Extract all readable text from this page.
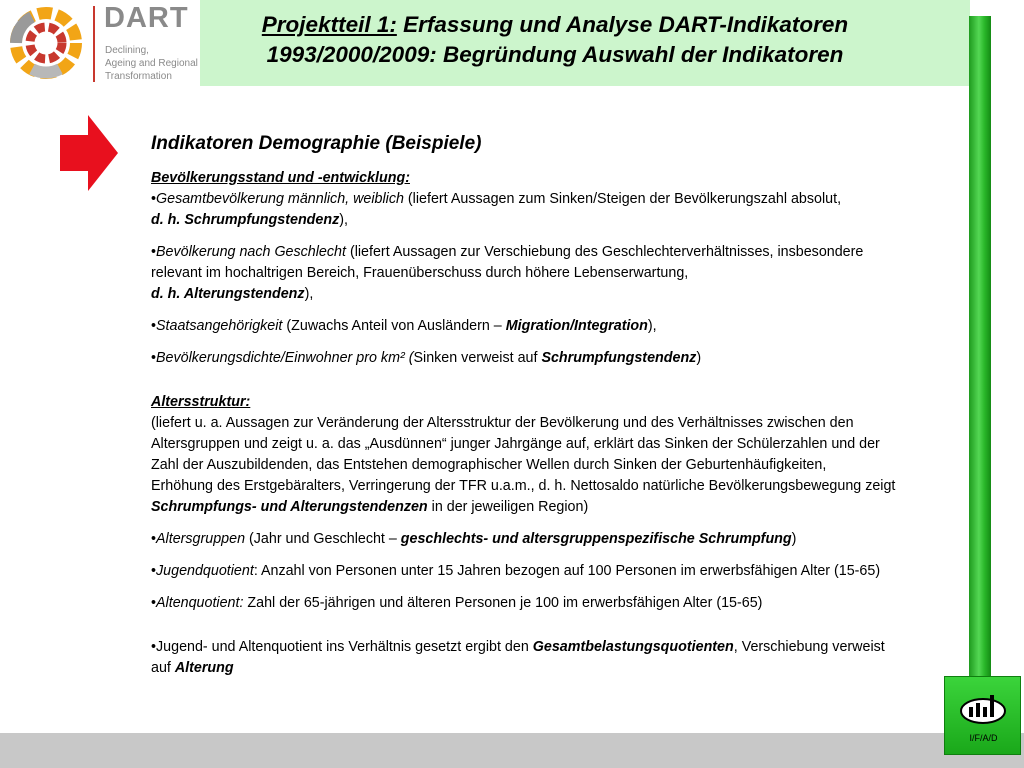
DART
Declining,
Ageing and Regional
Transformation
Projektteil 1: Erfassung und Analyse DART-Indikatoren
1993/2000/2009: Begründung Auswahl der Indikatoren

Indikatoren Demographie (Beispiele)

Bevölkerungsstand und -entwicklung:

•Gesamtbevölkerung männlich, weiblich (liefert Aussagen zum Sinken/Steigen der Bevölkerungszahl absolut,
d. h. Schrumpfungstendenz),

•Bevölkerung nach Geschlecht (liefert Aussagen zur Verschiebung des Geschlechterverhältnisses, insbesondere
relevant im hochaltrigen Bereich, Frauenüberschuss durch höhere Lebenserwartung,
d. h. Alterungstendenz),

•Staatsangehörigkeit (Zuwachs Anteil von Ausländern – Migration/Integration),

•Bevölkerungsdichte/Einwohner pro km² (Sinken verweist auf Schrumpfungstendenz)

Altersstruktur:

(liefert u. a. Aussagen zur Veränderung der Altersstruktur der Bevölkerung und des Verhältnisses zwischen den
Altersgruppen und zeigt u. a. das „Ausdünnen“ junger Jahrgänge auf, erklärt das Sinken der Schülerzahlen und der
Zahl der Auszubildenden, das Entstehen demographischer Wellen durch Sinken der Geburtenhäufigkeiten,
Erhöhung des Erstgebäralters, Verringerung der TFR u.a.m., d. h. Nettosaldo natürliche Bevölkerungsbewegung zeigt
Schrumpfungs- und Alterungstendenzen in der jeweiligen Region)

•Altersgruppen (Jahr und Geschlecht – geschlechts- und altersgruppenspezifische Schrumpfung)

•Jugendquotient: Anzahl von Personen unter 15 Jahren bezogen auf 100 Personen im erwerbsfähigen Alter (15-65)

•Altenquotient: Zahl der 65-jährigen und älteren Personen je 100 im erwerbsfähigen Alter (15-65)

•Jugend- und Altenquotient ins Verhältnis gesetzt ergibt den Gesamtbelastungsquotienten, Verschiebung verweist
auf Alterung

I/F/A/D
